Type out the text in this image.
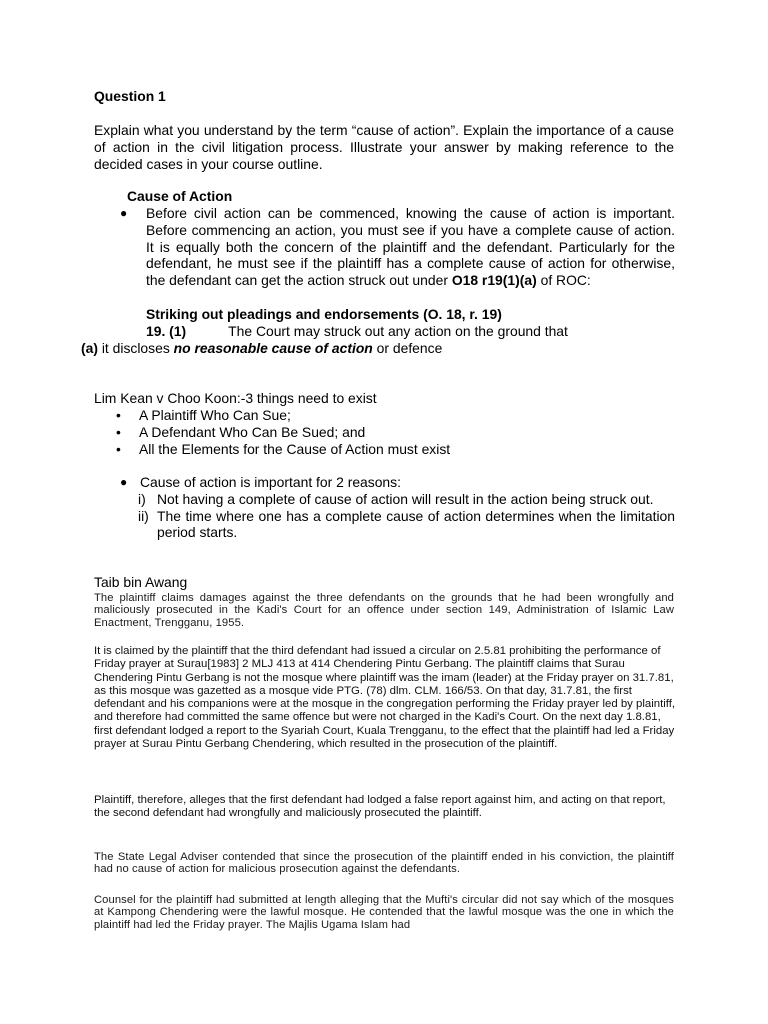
Question 1
Explain what you understand by the term “cause of action”. Explain the importance of a cause of action in the civil litigation process. Illustrate your answer by making reference to the decided cases in your course outline.
Cause of Action
● Before civil action can be commenced, knowing the cause of action is important. Before commencing an action, you must see if you have a complete cause of action. It is equally both the concern of the plaintiff and the defendant. Particularly for the defendant, he must see if the plaintiff has a complete cause of action for otherwise, the defendant can get the action struck out under O18 r19(1)(a) of ROC:
Striking out pleadings and endorsements (O. 18, r. 19)
19. (1)	The Court may struck out any action on the ground that
(a) it discloses no reasonable cause of action or defence
Lim Kean v Choo Koon:-3 things need to exist
• A Plaintiff Who Can Sue;
• A Defendant Who Can Be Sued; and
• All the Elements for the Cause of Action must exist
● Cause of action is important for 2 reasons:
i) Not having a complete of cause of action will result in the action being struck out.
ii) The time where one has a complete cause of action determines when the limitation period starts.
Taib bin Awang
The plaintiff claims damages against the three defendants on the grounds that he had been wrongfully and maliciously prosecuted in the Kadi's Court for an offence under section 149, Administration of Islamic Law Enactment, Trengganu, 1955.
It is claimed by the plaintiff that the third defendant had issued a circular on 2.5.81 prohibiting the performance of Friday prayer at Surau[1983] 2 MLJ 413 at 414 Chendering Pintu Gerbang. The plaintiff claims that Surau Chendering Pintu Gerbang is not the mosque where plaintiff was the imam (leader) at the Friday prayer on 31.7.81, as this mosque was gazetted as a mosque vide PTG. (78) dlm. CLM. 166/53. On that day, 31.7.81, the first defendant and his companions were at the mosque in the congregation performing the Friday prayer led by plaintiff, and therefore had committed the same offence but were not charged in the Kadi's Court. On the next day 1.8.81, first defendant lodged a report to the Syariah Court, Kuala Trengganu, to the effect that the plaintiff had led a Friday prayer at Surau Pintu Gerbang Chendering, which resulted in the prosecution of the plaintiff.
Plaintiff, therefore, alleges that the first defendant had lodged a false report against him, and acting on that report, the second defendant had wrongfully and maliciously prosecuted the plaintiff.
The State Legal Adviser contended that since the prosecution of the plaintiff ended in his conviction, the plaintiff had no cause of action for malicious prosecution against the defendants.
Counsel for the plaintiff had submitted at length alleging that the Mufti's circular did not say which of the mosques at Kampong Chendering were the lawful mosque. He contended that the lawful mosque was the one in which the plaintiff had led the Friday prayer. The Majlis Ugama Islam had
